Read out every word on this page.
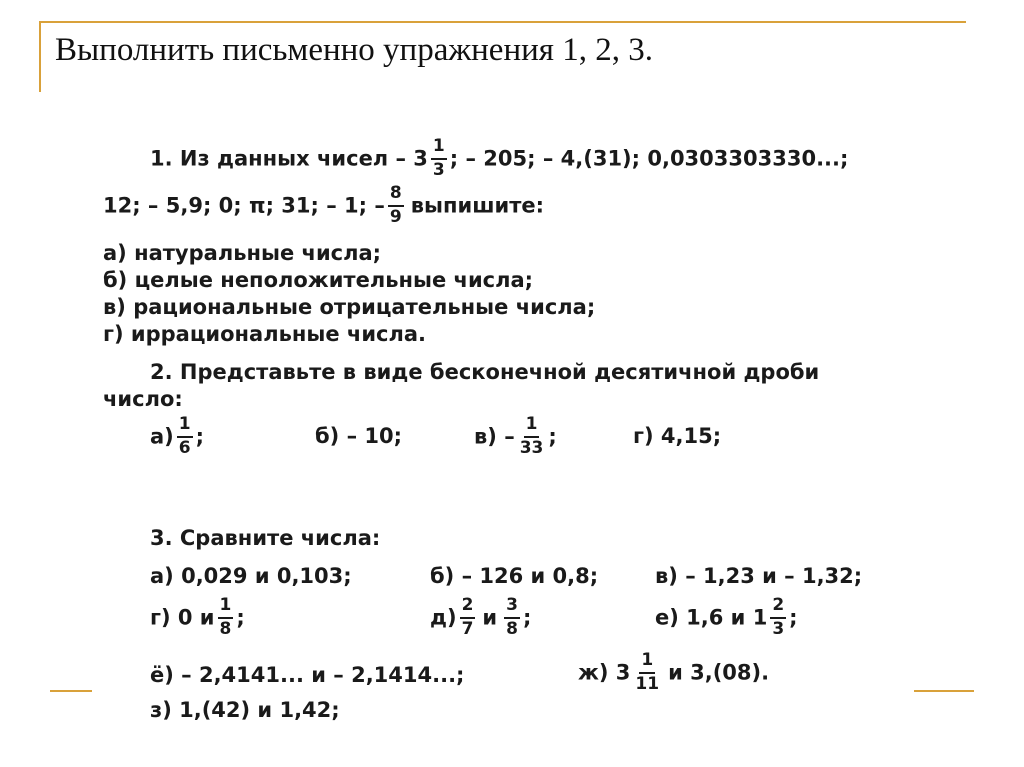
Выполнить письменно упражнения 1, 2, 3.
1. Из данных чисел – $3 \frac{1}{3}$ ; – 205; – 4,(31); 0,0303303330...;
12; – 5,9; 0; π; 31; – 1; – $\frac{8}{9}$ выпишите:
а) натуральные числа;
б) целые неположительные числа;
в) рациональные отрицательные числа;
г) иррациональные числа.
2. Представьте в виде бесконечной десятичной дроби
число:
$а) \frac{1}{6}$ ;	б) – 10;	$в) - \frac{1}{33}$ ;	г) 4,15;
3. Сравните числа:
а) 0,029 и 0,103;	б) – 126 и 0,8;	в) – 1,23 и – 1,32;
г) 0 и $\frac{1}{8}$ ;	$д) \frac{2}{7}$ и $\frac{3}{8}$ ;	е) 1,6 и $1 \frac{2}{3}$ ;
ё) – 2,4141... и – 2,1414...;	ж) $3 \frac{1}{11}$ и 3,(08).
з) 1,(42) и 1,42;
